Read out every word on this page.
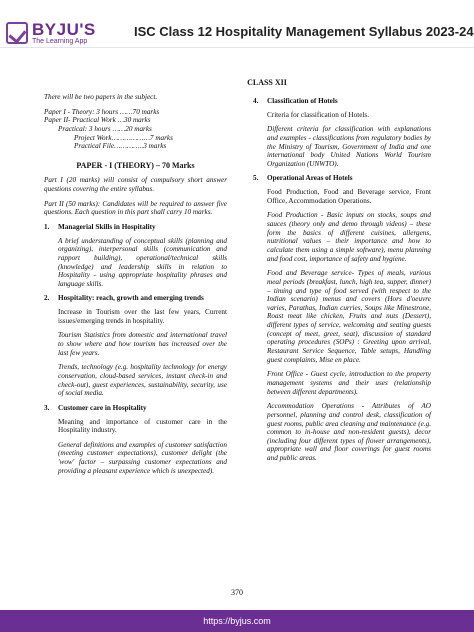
BYJU'S
The Learning App
ISC Class 12 Hospitality Management Syllabus 2023-24
CLASS XII
There will be two papers in the subject.
Paper I - Theory: 3 hours ……70 marks
Paper II- Practical Work …30 marks
Practical: 3 hours ……20 marks
Project Work………………7 marks
Practical File…………..3 marks
PAPER - I (THEORY) – 70 Marks
Part I (20 marks) will consist of compulsory short answer questions covering the entire syllabus.
Part II (50 marks): Candidates will be required to answer five questions. Each question in this part shall carry 10 marks.
1.	Managerial Skills in Hospitality
A brief understanding of conceptual skills (planning and organizing), interpersonal skills (communication and rapport building), operational/technical skills (knowledge) and leadership skills in relation to Hospitality - using appropriate hospitality phrases and language skills.
2.	Hospitality: reach, growth and emerging trends
Increase in Tourism over the last few years, Current issues/emerging trends in hospitality.
Tourism Statistics from domestic and international travel to show where and how tourism has increased over the last few years.
Trends, technology (e.g. hospitality technology for energy conservation, cloud-based services, instant check-in and check-out), guest experiences, sustainability, security, use of social media.
3.	Customer care in Hospitality
Meaning and importance of customer care in the Hospitality industry.
General definitions and examples of customer satisfaction (meeting customer expectations), customer delight (the 'wow' factor – surpassing customer expectations and providing a pleasant experience which is unexpected).
4.	Classification of Hotels
Criteria for classification of Hotels.
Different criteria for classification with explanations and examples - classifications from regulatory bodies by the Ministry of Tourism, Government of India and one international body United Nations World Tourism Organization (UNWTO).
5.	Operational Areas of Hotels
Food Production, Food and Beverage service, Front Office, Accommodation Operations.
Food Production - Basic inputs on stocks, soups and sauces (theory only and demo through videos) – these form the basics of different cuisines, allergens, nutritional values – their importance and how to calculate them using a simple software), menu planning and food cost, importance of safety and hygiene.
Food and Beverage service- Types of meals, various meal periods (breakfast, lunch, high tea, supper, dinner) – timing and type of food served (with respect to the Indian scenario) menus and covers (Hors d'oeuvre varies, Parathas, Indian curries, Soups like Minestrone, Roast meat like chicken, Fruits and nuts (Dessert), different types of service, welcoming and seating guests (concept of meet, greet, seat), discussion of standard operating procedures (SOPs) : Greeting upon arrival, Restaurant Service Sequence, Table setups, Handling guest complaints, Mise en place.
Front Office - Guest cycle, introduction to the property management systems and their uses (relationship between different departments).
Accommodation Operations - Attributes of AO personnel, planning and control desk, classification of guest rooms, public area cleaning and maintenance (e.g. common to in-house and non-resident guests), decor (including four different types of flower arrangements), appropriate wall and floor coverings for guest rooms and public areas.
370
https://byjus.com
